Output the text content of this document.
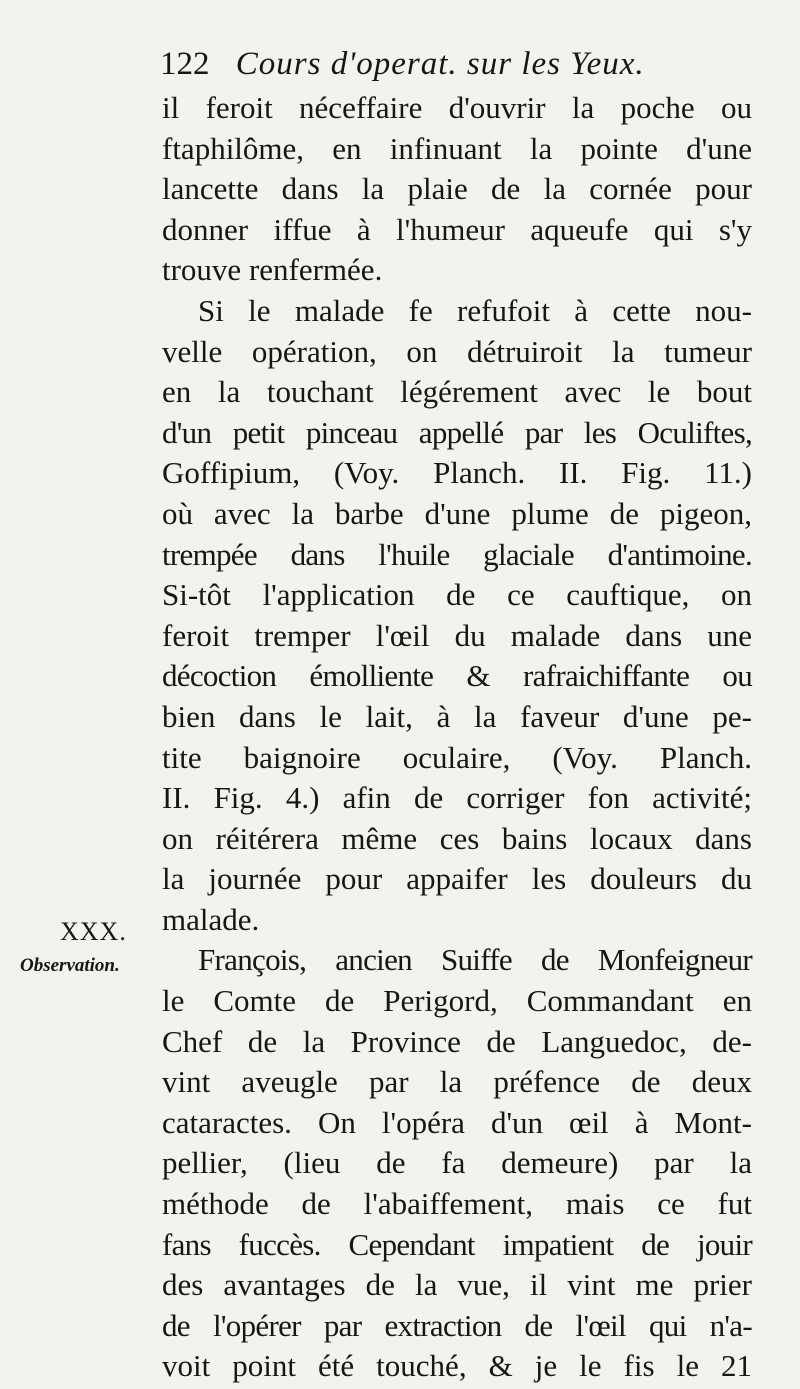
122 Cours d'operat. sur les Yeux.
XXX.
Observation.
il feroit néceffaire d'ouvrir la poche ou
ftaphilôme, en infinuant la pointe d'une
lancette dans la plaie de la cornée pour
donner iffue à l'humeur aqueufe qui s'y
trouve renfermée.
Si le malade fe refufoit à cette nou-
velle opération, on détruiroit la tumeur
en la touchant légérement avec le bout
d'un petit pinceau appellé par les Oculiftes,
Goffipium, (Voy. Planch. II. Fig. 11.)
où avec la barbe d'une plume de pigeon,
trempée dans l'huile glaciale d'antimoine.
Si-tôt l'application de ce cauftique, on
feroit tremper l'œil du malade dans une
décoction émolliente & rafraichiffante ou
bien dans le lait, à la faveur d'une pe-
tite baignoire oculaire, (Voy. Planch.
II. Fig. 4.) afin de corriger fon activité;
on réitérera même ces bains locaux dans
la journée pour appaifer les douleurs du
malade.
François, ancien Suiffe de Monfeigneur
le Comte de Perigord, Commandant en
Chef de la Province de Languedoc, de-
vint aveugle par la préfence de deux
cataractes. On l'opéra d'un œil à Mont-
pellier, (lieu de fa demeure) par la
méthode de l'abaiffement, mais ce fut
fans fuccès. Cependant impatient de jouir
des avantages de la vue, il vint me prier
de l'opérer par extraction de l'œil qui n'a-
voit point été touché, & je le fis le 21
